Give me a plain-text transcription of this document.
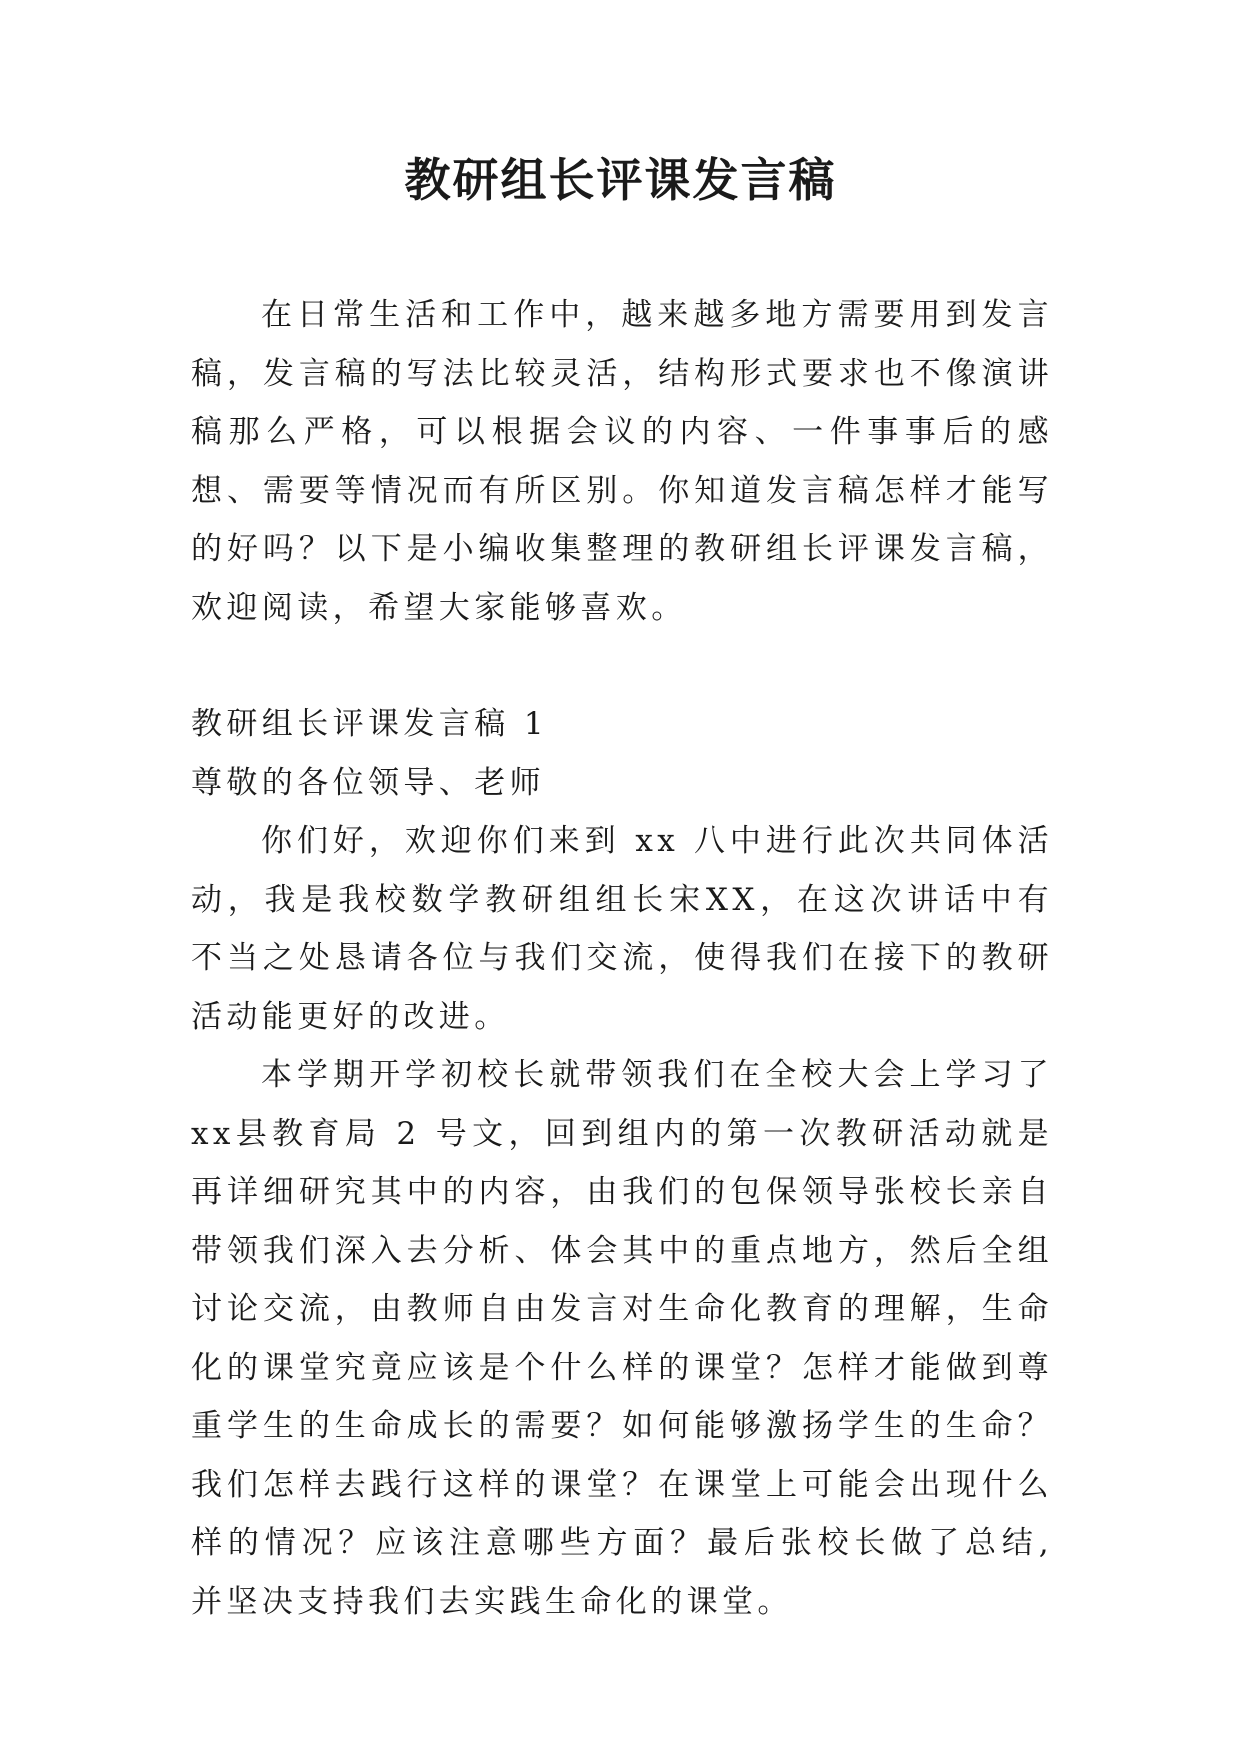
教研组长评课发言稿

在日常生活和工作中，越来越多地方需要用到发言稿，发言稿的写法比较灵活，结构形式要求也不像演讲稿那么严格，可以根据会议的内容、一件事事后的感想、需要等情况而有所区别。你知道发言稿怎样才能写的好吗？以下是小编收集整理的教研组长评课发言稿，欢迎阅读，希望大家能够喜欢。

教研组长评课发言稿 1

尊敬的各位领导、老师

你们好，欢迎你们来到 xx 八中进行此次共同体活动，我是我校数学教研组组长宋XX，在这次讲话中有不当之处恳请各位与我们交流，使得我们在接下的教研活动能更好的改进。

本学期开学初校长就带领我们在全校大会上学习了 xx县教育局 2 号文，回到组内的第一次教研活动就是再详细研究其中的内容，由我们的包保领导张校长亲自带领我们深入去分析、体会其中的重点地方，然后全组讨论交流，由教师自由发言对生命化教育的理解，生命化的课堂究竟应该是个什么样的课堂？怎样才能做到尊重学生的生命成长的需要？如何能够激扬学生的生命？我们怎样去践行这样的课堂？在课堂上可能会出现什么样的情况？应该注意哪些方面？最后张校长做了总结,并坚决支持我们去实践生命化的课堂。
